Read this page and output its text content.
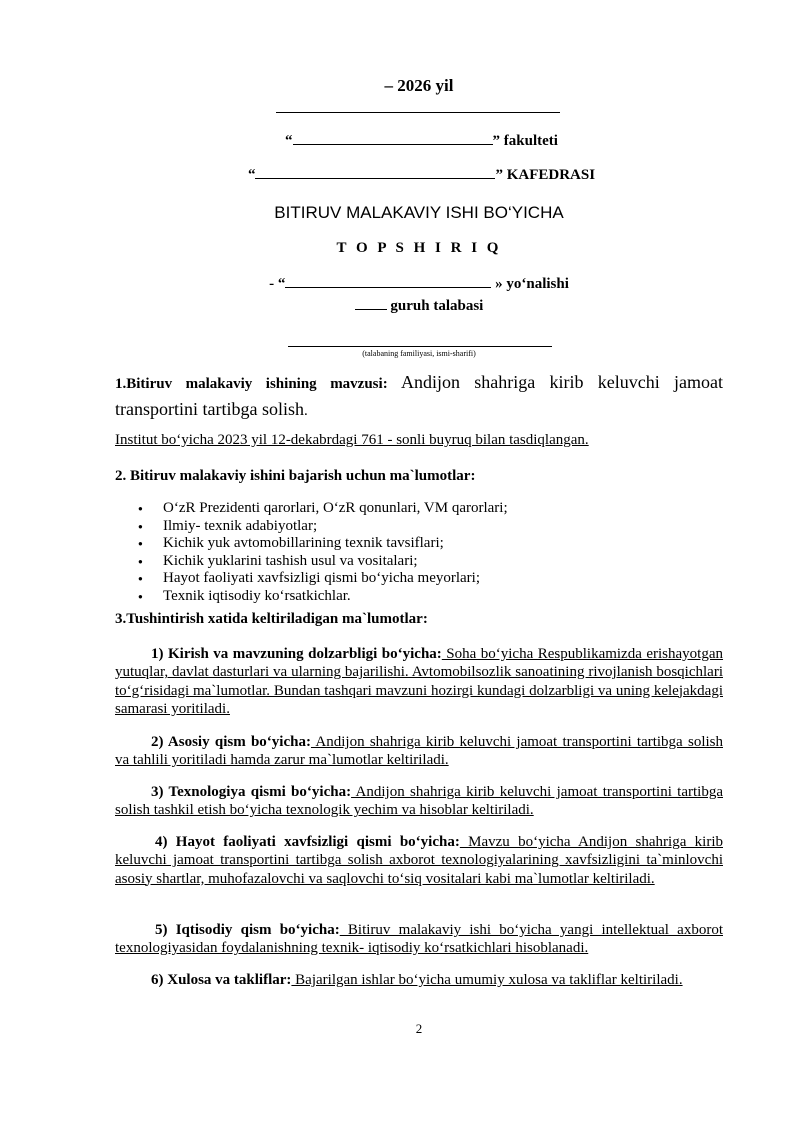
– 2026 yil
“	” fakulteti
“	” KAFEDRASI
BITIRUV MALAKAVIY ISHI BO‘YICHA
T O P S H I R I Q
- “	» yo‘nalishi
guruh talabasi
(talabaning familiyasi, ismi-sharifi)
1.Bitiruv malakaviy ishining mavzusi: Andijon shahriga kirib keluvchi jamoat transportini tartibga solish.
Institut bo‘yicha 2023 yil 12-dekabrdagi 761 - sonli buyruq bilan tasdiqlangan.
2. Bitiruv malakaviy ishini bajarish uchun ma`lumotlar:
● O‘zR Prezidenti qarorlari, O‘zR qonunlari, VM qarorlari;
● Ilmiy- texnik adabiyotlar;
● Kichik yuk avtomobillarining texnik tavsiflari;
● Kichik yuklarini tashish usul va vositalari;
● Hayot faoliyati xavfsizligi qismi bo‘yicha meyorlari;
● Texnik iqtisodiy ko‘rsatkichlar.
3.Tushintirish xatida keltiriladigan ma`lumotlar:
1) Kirish va mavzuning dolzarbligi bo‘yicha: Soha bo‘yicha Respublikamizda erishayotgan yutuqlar, davlat dasturlari va ularning bajarilishi. Avtomobilsozlik sanoatining rivojlanish bosqichlari to‘g‘risidagi ma`lumotlar. Bundan tashqari mavzuni hozirgi kundagi dolzarbligi va uning kelejakdagi samarasi yoritiladi.
2) Asosiy qism bo‘yicha: Andijon shahriga kirib keluvchi jamoat transportini tartibga solish va tahlili yoritiladi hamda zarur ma`lumotlar keltiriladi.
3) Texnologiya qismi bo‘yicha: Andijon shahriga kirib keluvchi jamoat transportini tartibga solish tashkil etish bo‘yicha texnologik yechim va hisoblar keltiriladi.
4) Hayot faoliyati xavfsizligi qismi bo‘yicha: Mavzu bo‘yicha Andijon shahriga kirib keluvchi jamoat transportini tartibga solish axborot texnologiyalarining xavfsizligini ta`minlovchi asosiy shartlar, muhofazalovchi va saqlovchi to‘siq vositalari kabi ma`lumotlar keltiriladi.
5) Iqtisodiy qism bo‘yicha: Bitiruv malakaviy ishi bo‘yicha yangi intellektual axborot texnologiyasidan foydalanishning texnik- iqtisodiy ko‘rsatkichlari hisoblanadi.
6) Xulosa va takliflar: Bajarilgan ishlar bo‘yicha umumiy xulosa va takliflar keltiriladi.
2
